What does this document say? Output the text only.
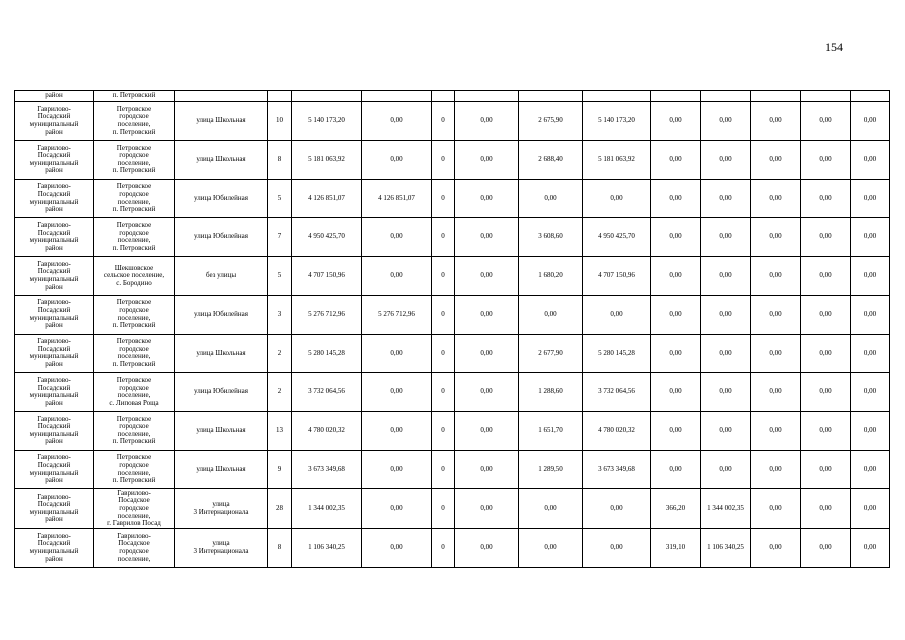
154
район	п. Петровский													

Гаврилово-
Посадский
муниципальный
район	Петровское
городское
поселение,
п. Петровский	улица Школьная	10	5 140 173,20	0,00	0	0,00	2 675,90	5 140 173,20	0,00	0,00	0,00	0,00	0,00

Гаврилово-
Посадский
муниципальный
район	Петровское
городское
поселение,
п. Петровский	улица Школьная	8	5 181 063,92	0,00	0	0,00	2 688,40	5 181 063,92	0,00	0,00	0,00	0,00	0,00

Гаврилово-
Посадский
муниципальный
район	Петровское
городское
поселение,
п. Петровский	улица Юбилейная	5	4 126 851,07	4 126 851,07	0	0,00	0,00	0,00	0,00	0,00	0,00	0,00	0,00

Гаврилово-
Посадский
муниципальный
район	Петровское
городское
поселение,
п. Петровский	улица Юбилейная	7	4 950 425,70	0,00	0	0,00	3 608,60	4 950 425,70	0,00	0,00	0,00	0,00	0,00

Гаврилово-
Посадский
муниципальный
район	Шекшовское
сельское поселение,
с. Бородино	без улицы	5	4 707 150,96	0,00	0	0,00	1 680,20	4 707 150,96	0,00	0,00	0,00	0,00	0,00

Гаврилово-
Посадский
муниципальный
район	Петровское
городское
поселение,
п. Петровский	улица Юбилейная	3	5 276 712,96	5 276 712,96	0	0,00	0,00	0,00	0,00	0,00	0,00	0,00	0,00

Гаврилово-
Посадский
муниципальный
район	Петровское
городское
поселение,
п. Петровский	улица Школьная	2	5 280 145,28	0,00	0	0,00	2 677,90	5 280 145,28	0,00	0,00	0,00	0,00	0,00

Гаврилово-
Посадский
муниципальный
район	Петровское
городское
поселение,
с. Липовая Роща	улица Юбилейная	2	3 732 064,56	0,00	0	0,00	1 288,60	3 732 064,56	0,00	0,00	0,00	0,00	0,00

Гаврилово-
Посадский
муниципальный
район	Петровское
городское
поселение,
п. Петровский	улица Школьная	13	4 780 020,32	0,00	0	0,00	1 651,70	4 780 020,32	0,00	0,00	0,00	0,00	0,00

Гаврилово-
Посадский
муниципальный
район	Петровское
городское
поселение,
п. Петровский	улица Школьная	9	3 673 349,68	0,00	0	0,00	1 289,50	3 673 349,68	0,00	0,00	0,00	0,00	0,00

Гаврилово-
Посадский
муниципальный
район	Гаврилово-
Посадское
городское
поселение,
г. Гаврилов Посад	улица
3 Интернационала	28	1 344 002,35	0,00	0	0,00	0,00	0,00	366,20	1 344 002,35	0,00	0,00	0,00

Гаврилово-
Посадский
муниципальный
район	Гаврилово-
Посадское
городское
поселение,	улица
3 Интернационала	8	1 106 340,25	0,00	0	0,00	0,00	0,00	319,10	1 106 340,25	0,00	0,00	0,00
